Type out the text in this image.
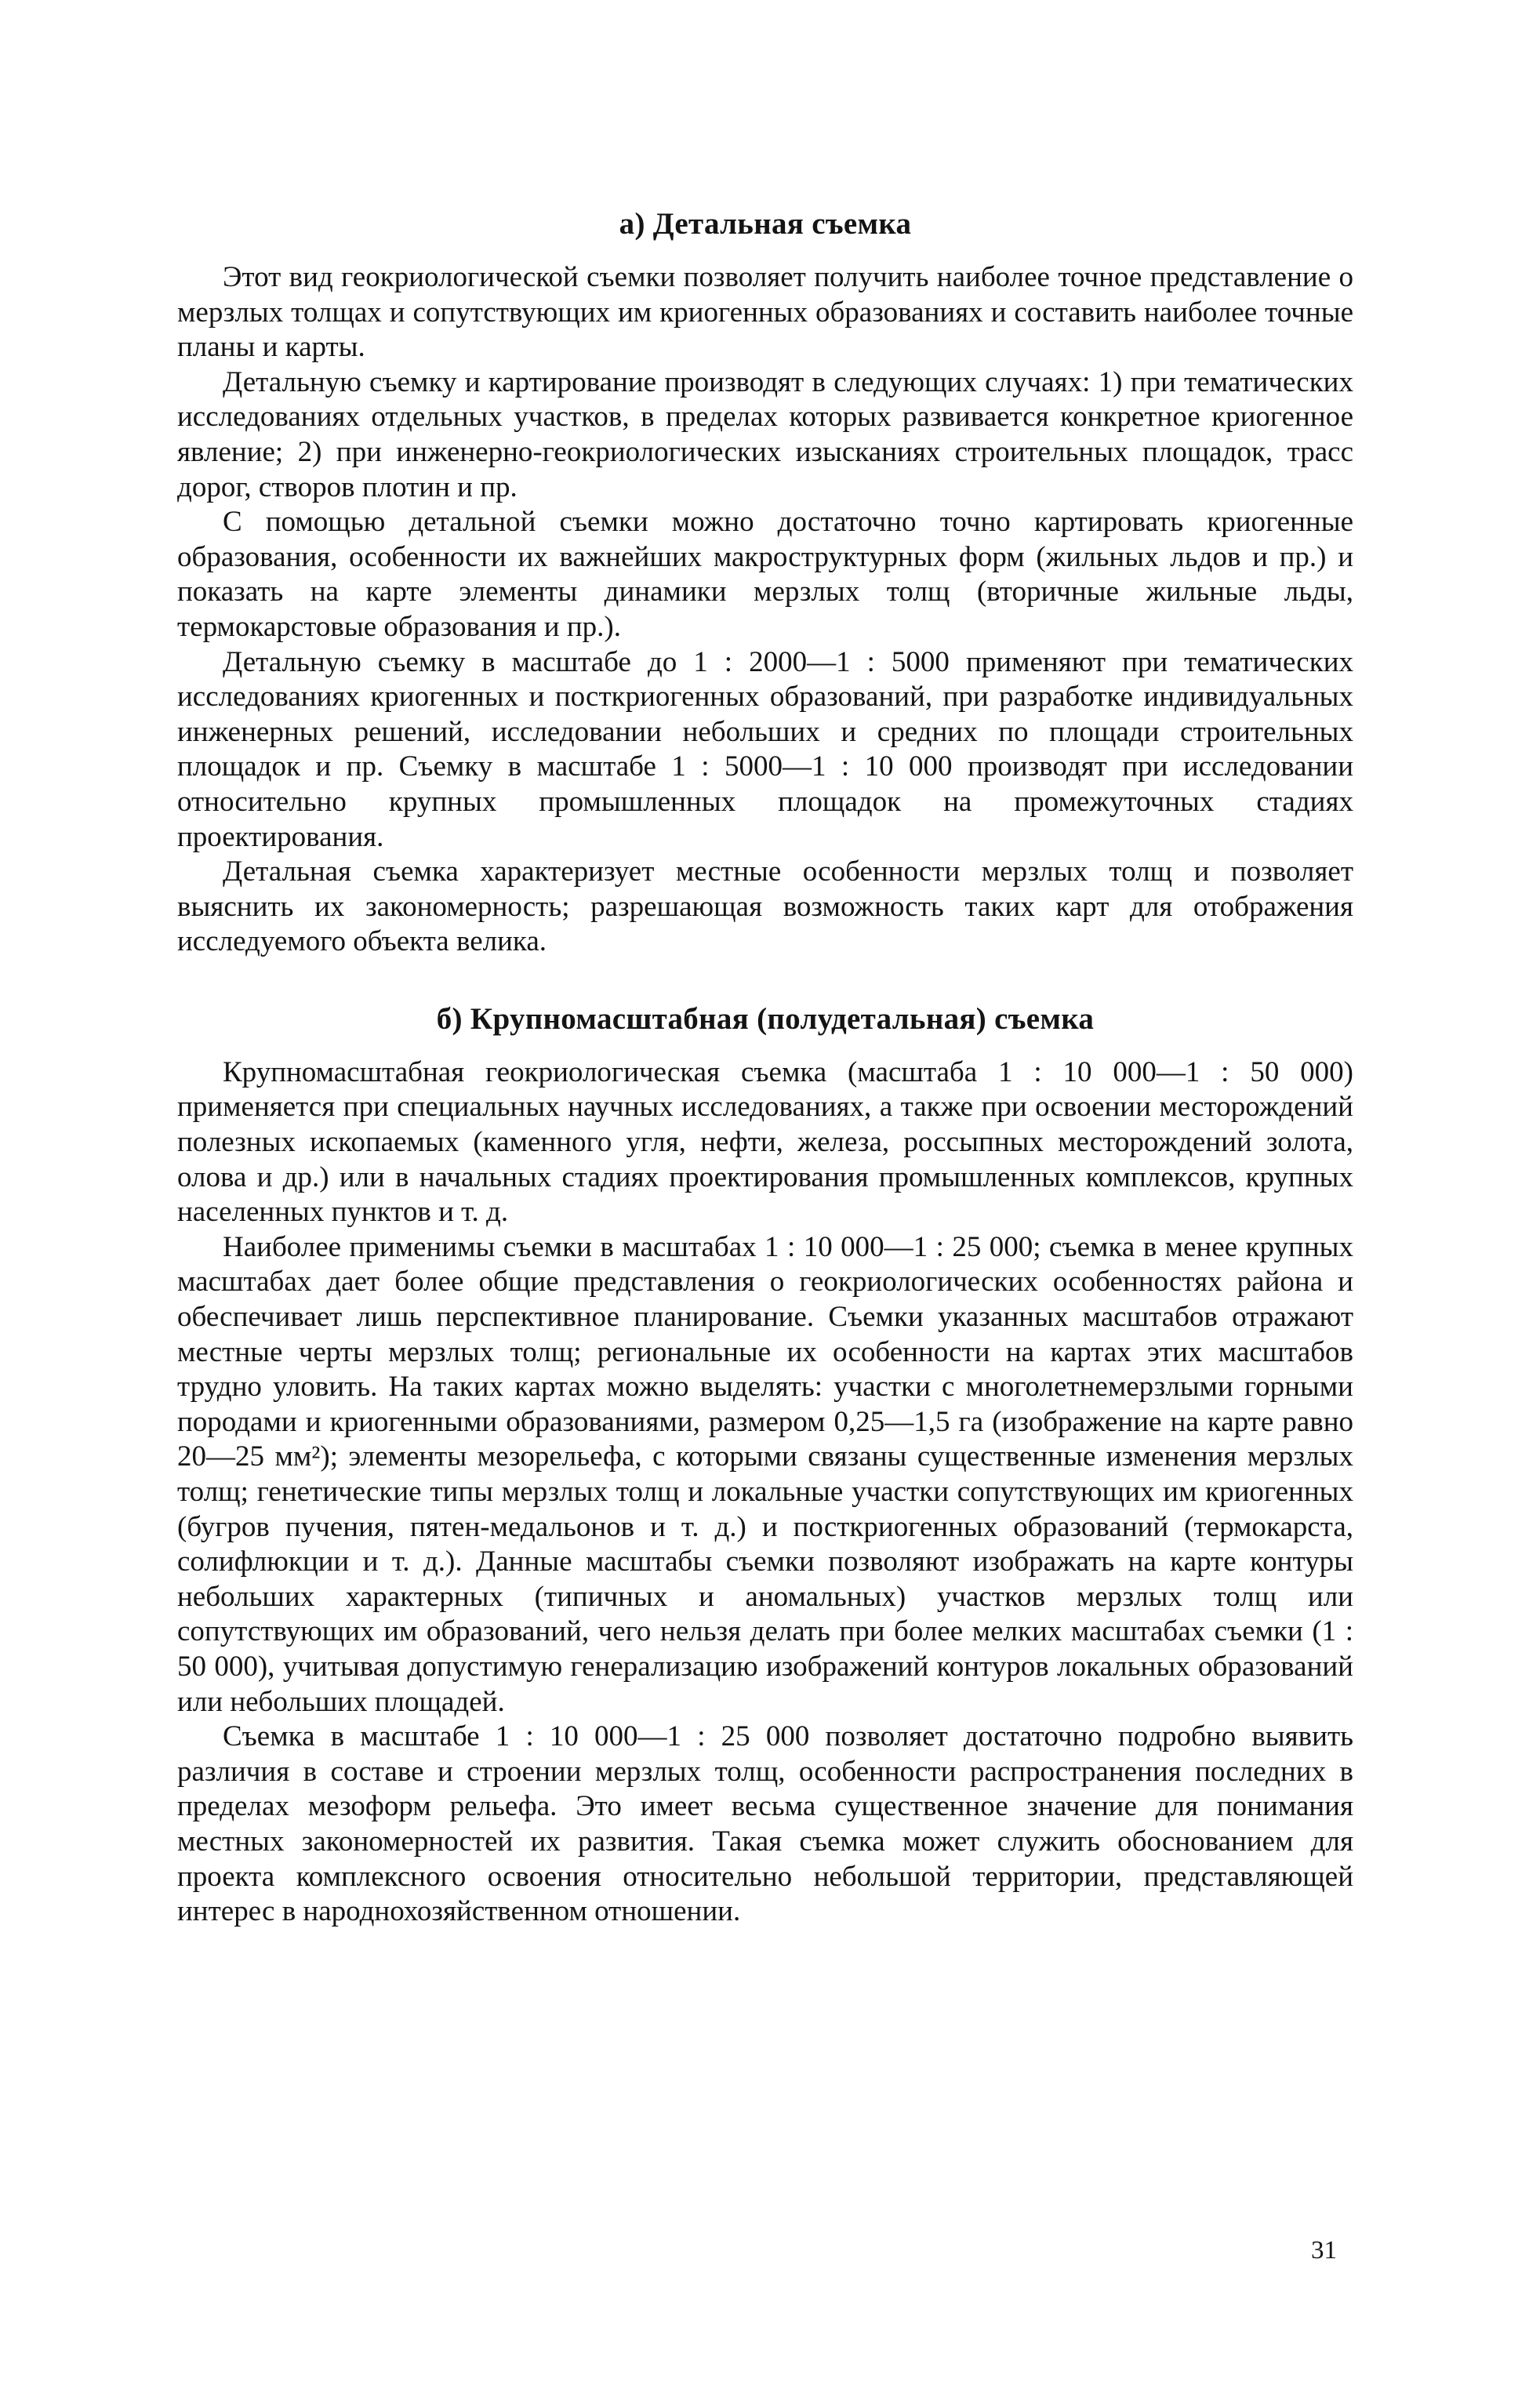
а) Детальная съемка

Этот вид геокриологической съемки позволяет получить наиболее точное представление о мерзлых толщах и сопутствующих им криогенных образованиях и составить наиболее точные планы и карты.

Детальную съемку и картирование производят в следующих случаях: 1) при тематических исследованиях отдельных участков, в пределах которых развивается конкретное криогенное явление; 2) при инженерно-геокриологических изысканиях строительных площадок, трасс дорог, створов плотин и пр.

С помощью детальной съемки можно достаточно точно картировать криогенные образования, особенности их важнейших макроструктурных форм (жильных льдов и пр.) и показать на карте элементы динамики мерзлых толщ (вторичные жильные льды, термокарстовые образования и пр.).

Детальную съемку в масштабе до 1 : 2000—1 : 5000 применяют при тематических исследованиях криогенных и посткриогенных образований, при разработке индивидуальных инженерных решений, исследовании небольших и средних по площади строительных площадок и пр. Съемку в масштабе 1 : 5000—1 : 10 000 производят при исследовании относительно крупных промышленных площадок на промежуточных стадиях проектирования.

Детальная съемка характеризует местные особенности мерзлых толщ и позволяет выяснить их закономерность; разрешающая возможность таких карт для отображения исследуемого объекта велика.

б) Крупномасштабная (полудетальная) съемка

Крупномасштабная геокриологическая съемка (масштаба 1 : 10 000—1 : 50 000) применяется при специальных научных исследованиях, а также при освоении месторождений полезных ископаемых (каменного угля, нефти, железа, россыпных месторождений золота, олова и др.) или в начальных стадиях проектирования промышленных комплексов, крупных населенных пунктов и т. д.

Наиболее применимы съемки в масштабах 1 : 10 000—1 : 25 000; съемка в менее крупных масштабах дает более общие представления о геокриологических особенностях района и обеспечивает лишь перспективное планирование. Съемки указанных масштабов отражают местные черты мерзлых толщ; региональные их особенности на картах этих масштабов трудно уловить. На таких картах можно выделять: участки с многолетнемерзлыми горными породами и криогенными образованиями, размером 0,25—1,5 га (изображение на карте равно 20—25 мм²); элементы мезорельефа, с которыми связаны существенные изменения мерзлых толщ; генетические типы мерзлых толщ и локальные участки сопутствующих им криогенных (бугров пучения, пятен-медальонов и т. д.) и посткриогенных образований (термокарста, солифлюкции и т. д.). Данные масштабы съемки позволяют изображать на карте контуры небольших характерных (типичных и аномальных) участков мерзлых толщ или сопутствующих им образований, чего нельзя делать при более мелких масштабах съемки (1 : 50 000), учитывая допустимую генерализацию изображений контуров локальных образований или небольших площадей.

Съемка в масштабе 1 : 10 000—1 : 25 000 позволяет достаточно подробно выявить различия в составе и строении мерзлых толщ, особенности распространения последних в пределах мезоформ рельефа. Это имеет весьма существенное значение для понимания местных закономерностей их развития. Такая съемка может служить обоснованием для проекта комплексного освоения относительно небольшой территории, представляющей интерес в народнохозяйственном отношении.

31
